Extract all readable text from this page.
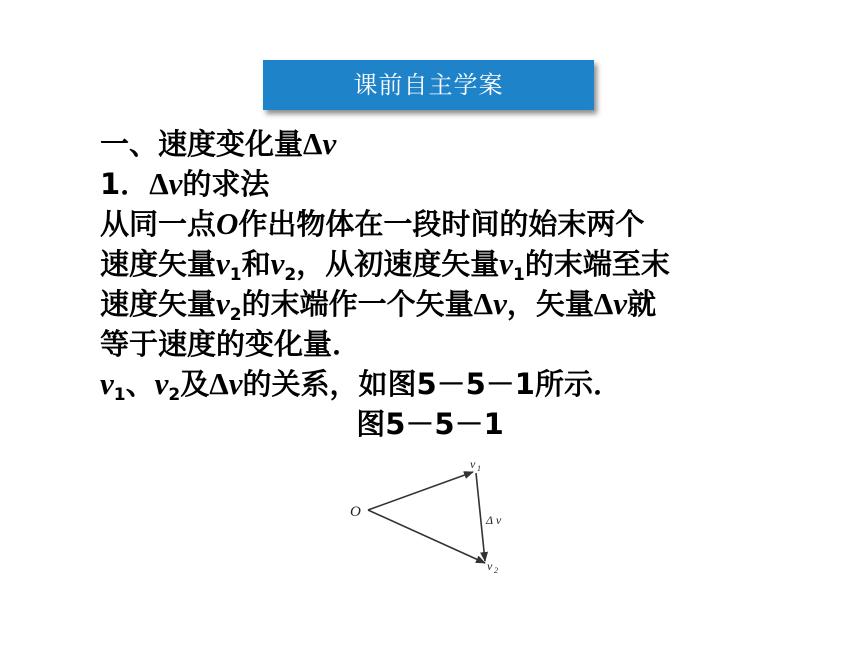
课前自主学案
一、速度变化量Δv
1．Δv的求法
从同一点O作出物体在一段时间的始末两个
速度矢量$v_1$和$v_2$，从初速度矢量$v_1$的末端至末
速度矢量$v_2$的末端作一个矢量Δv，矢量Δv就
等于速度的变化量．
$v_1$、$v_2$及Δv的关系，如图5－5－1所示．
图5－5－1
O
v 1
Δ v
v 2
